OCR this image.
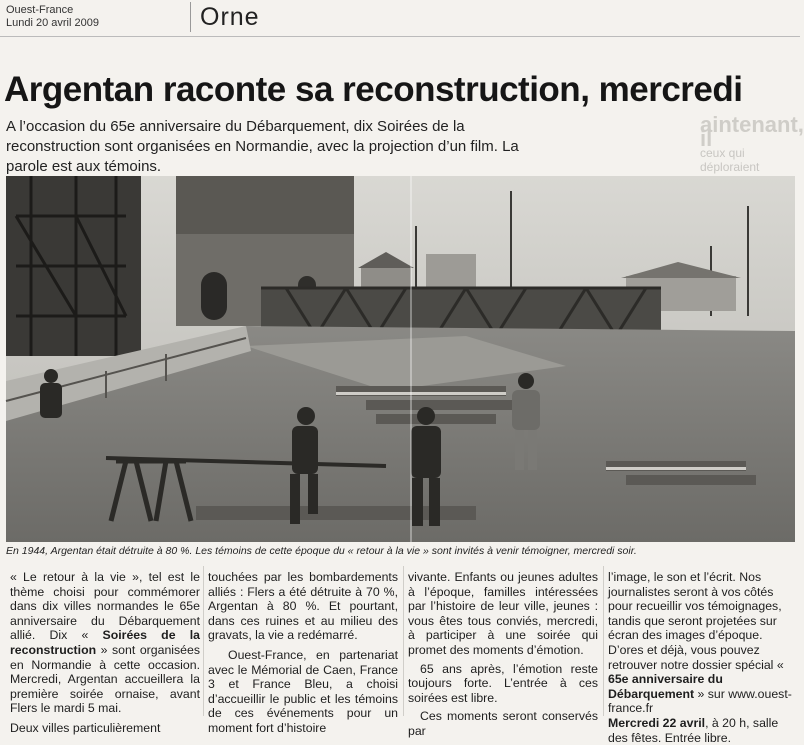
Ouest-France
Lundi 20 avril 2009	Orne
aintenant, il
ceux qui déploraient
Argentan raconte sa reconstruction, mercredi
A l’occasion du 65e anniversaire du Débarquement, dix Soirées de la reconstruction sont organisées en Normandie, avec la projection d’un film. La parole est aux témoins.
En 1944, Argentan était détruite à 80 %. Les témoins de cette époque du « retour à la vie » sont invités à venir témoigner, mercredi soir.

« Le retour à la vie », tel est le thème choisi pour commémorer dans dix villes normandes le 65e anniversaire du Débarquement allié. Dix « Soirées de la reconstruction » sont organisées en Normandie à cette occasion. Mercredi, Argentan accueillera la première soirée ornaise, avant Flers le mardi 5 mai.

Deux villes particulièrement

touchées par les bombardements alliés : Flers a été détruite à 70 %, Argentan à 80 %. Et pourtant, dans ces ruines et au milieu des gravats, la vie a redémarré.

Ouest-France, en partenariat avec le Mémorial de Caen, France 3 et France Bleu, a choisi d’accueillir le public et les témoins de ces événements pour un moment fort d’histoire

vivante. Enfants ou jeunes adultes à l’époque, familles intéressées par l’histoire de leur ville, jeunes : vous êtes tous conviés, mercredi, à participer à une soirée qui promet des moments d’émotion.

65 ans après, l’émotion reste toujours forte. L’entrée à ces soirées est libre.

Ces moments seront conservés par

l’image, le son et l’écrit. Nos journalistes seront à vos côtés pour recueillir vos témoignages, tandis que seront projetées sur écran des images d’époque. D’ores et déjà, vous pouvez retrouver notre dossier spécial « 65e anniversaire du Débarquement » sur www.ouest-france.fr

Mercredi 22 avril, à 20 h, salle des fêtes. Entrée libre.
